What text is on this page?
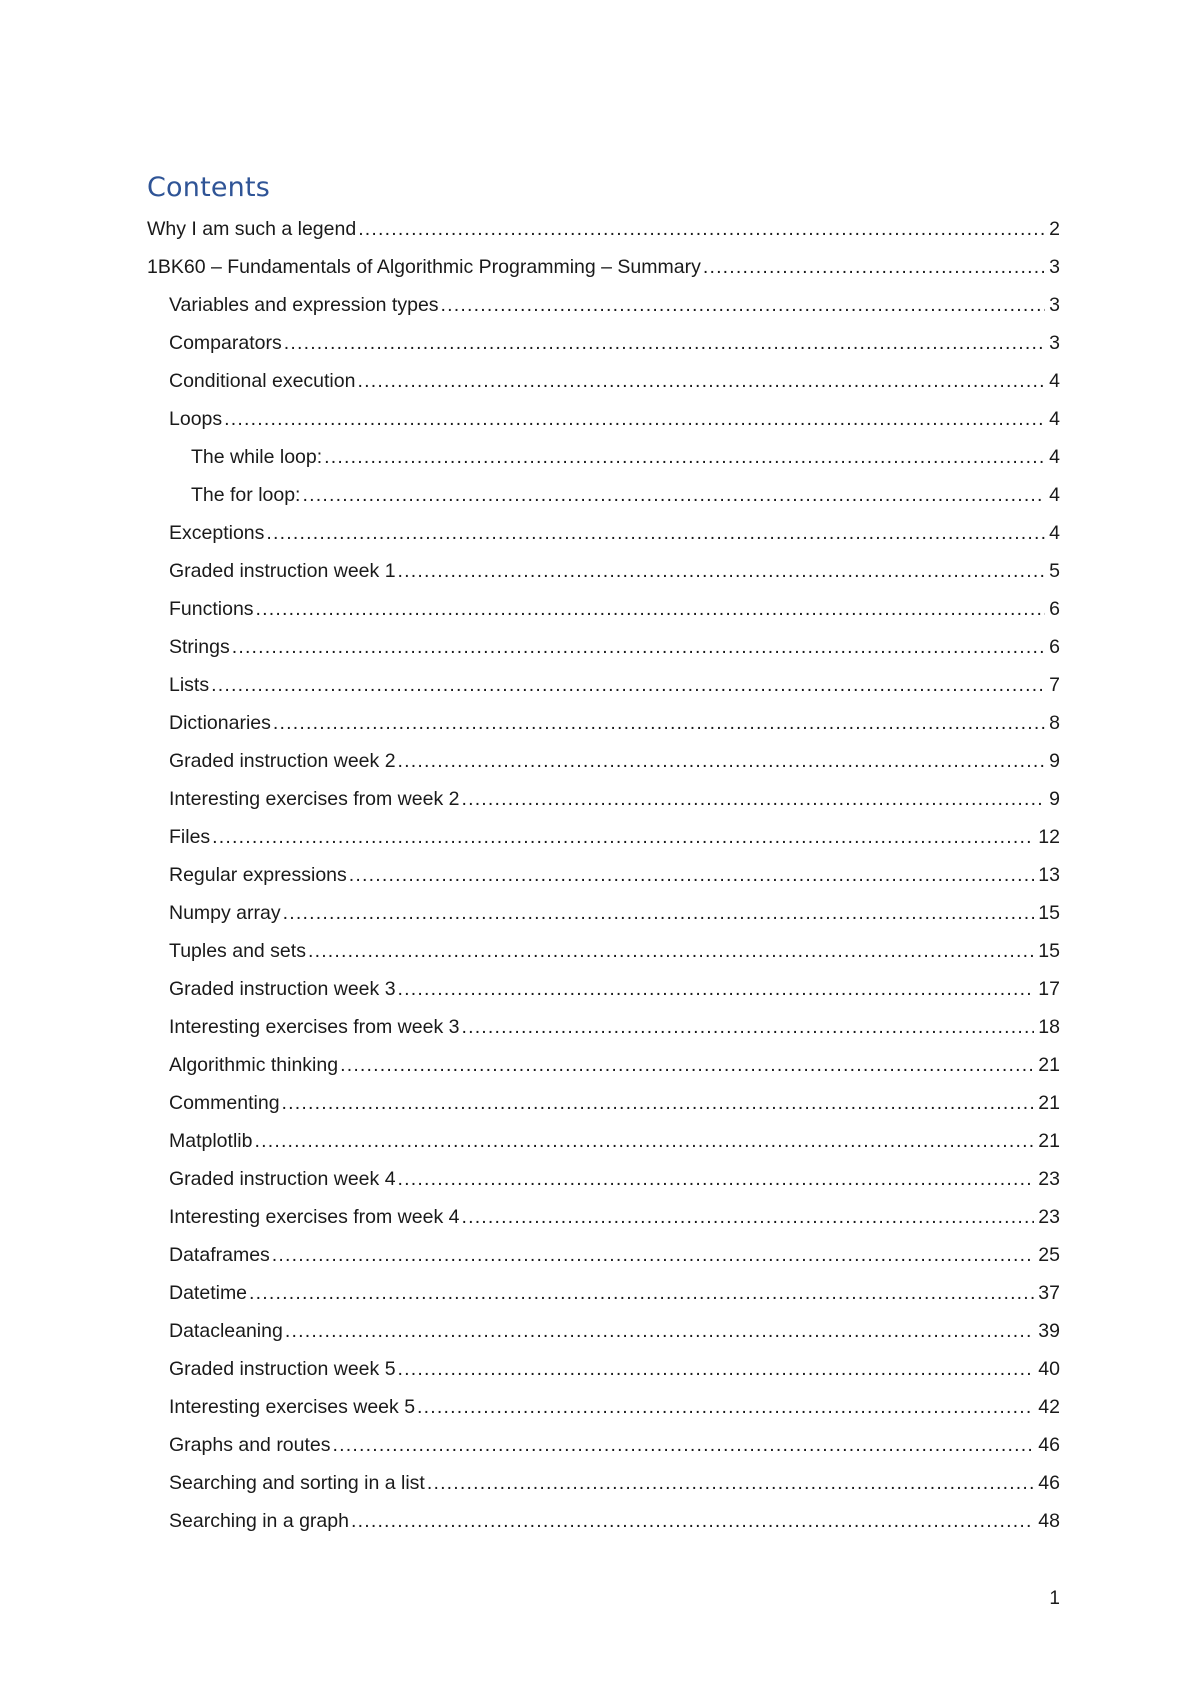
Contents
Why I am such a legend .....	2
1BK60 – Fundamentals of Algorithmic Programming – Summary .....	3
Variables and expression types .....	3
Comparators .....	3
Conditional execution .....	4
Loops .....	4
The while loop: .....	4
The for loop: .....	4
Exceptions .....	4
Graded instruction week 1 .....	5
Functions .....	6
Strings .....	6
Lists .....	7
Dictionaries .....	8
Graded instruction week 2 .....	9
Interesting exercises from week 2 .....	9
Files .....	12
Regular expressions .....	13
Numpy array .....	15
Tuples and sets .....	15
Graded instruction week 3 .....	17
Interesting exercises from week 3 .....	18
Algorithmic thinking .....	21
Commenting .....	21
Matplotlib .....	21
Graded instruction week 4 .....	23
Interesting exercises from week 4 .....	23
Dataframes .....	25
Datetime .....	37
Datacleaning .....	39
Graded instruction week 5 .....	40
Interesting exercises week 5 .....	42
Graphs and routes .....	46
Searching and sorting in a list .....	46
Searching in a graph .....	48
1
